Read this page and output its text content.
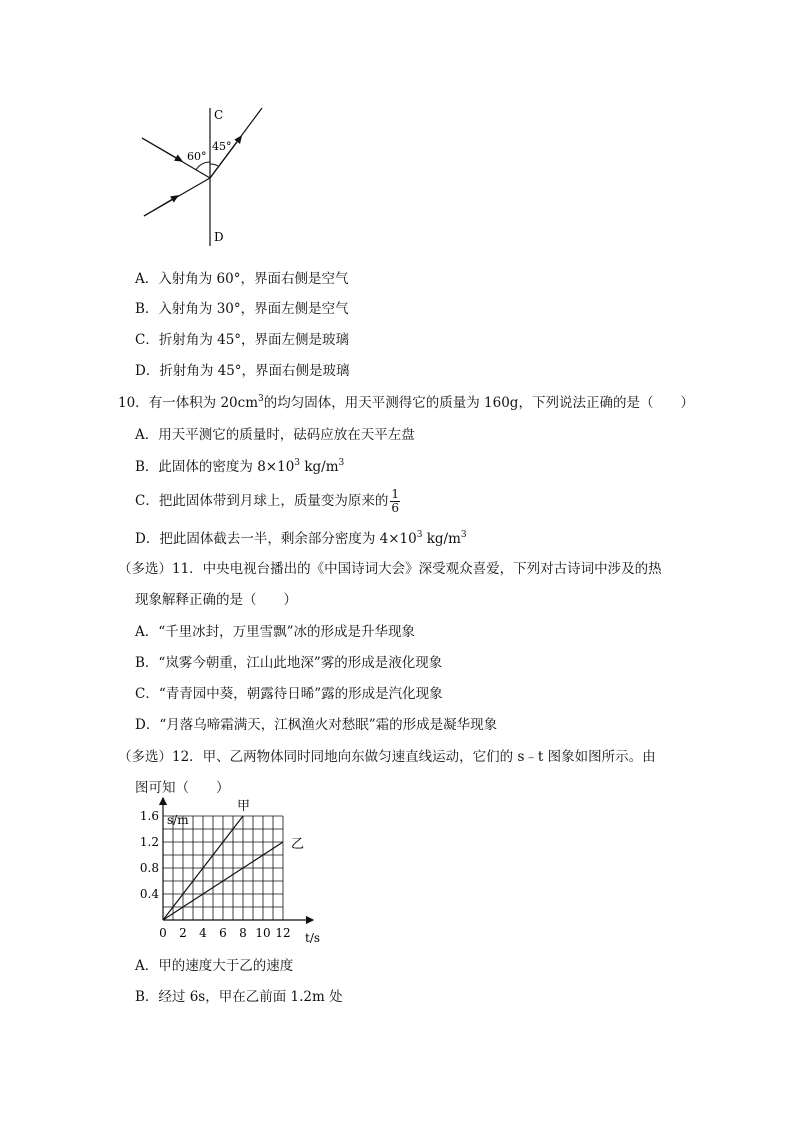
C
D
60°
45°
A．入射角为 60°，界面右侧是空气
B．入射角为 30°，界面左侧是空气
C．折射角为 45°，界面左侧是玻璃
D．折射角为 45°，界面右侧是玻璃
10．有一体积为 $20cm^3$的均匀固体，用天平测得它的质量为 160g，下列说法正确的是（　　）
A．用天平测它的质量时，砝码应放在天平左盘
B．此固体的密度为 $8\times 10^3$ $kg/m^3$
C．把此固体带到月球上，质量变为原来的 $\frac{1}{6}$
D．把此固体截去一半，剩余部分密度为 $4\times 10^3$ $kg/m^3$
（多选）11．中央电视台播出的《中国诗词大会》深受观众喜爱，下列对古诗词中涉及的热
现象解释正确的是（　　）
A．“千里冰封，万里雪飘”冰的形成是升华现象
B．“岚雾今朝重，江山此地深”雾的形成是液化现象
C．“青青园中葵，朝露待日晞”露的形成是汽化现象
D．“月落乌啼霜满天，江枫渔火对愁眠”霜的形成是凝华现象
（多选）12．甲、乙两物体同时同地向东做匀速直线运动，它们的 s﹣t 图象如图所示。由
图可知（　　）
甲
乙
0 2 4 6 8 10 12
0.4
0.8
1.2
1.6
t/s
s/m
A．甲的速度大于乙的速度
B．经过 6s，甲在乙前面 1.2m 处
